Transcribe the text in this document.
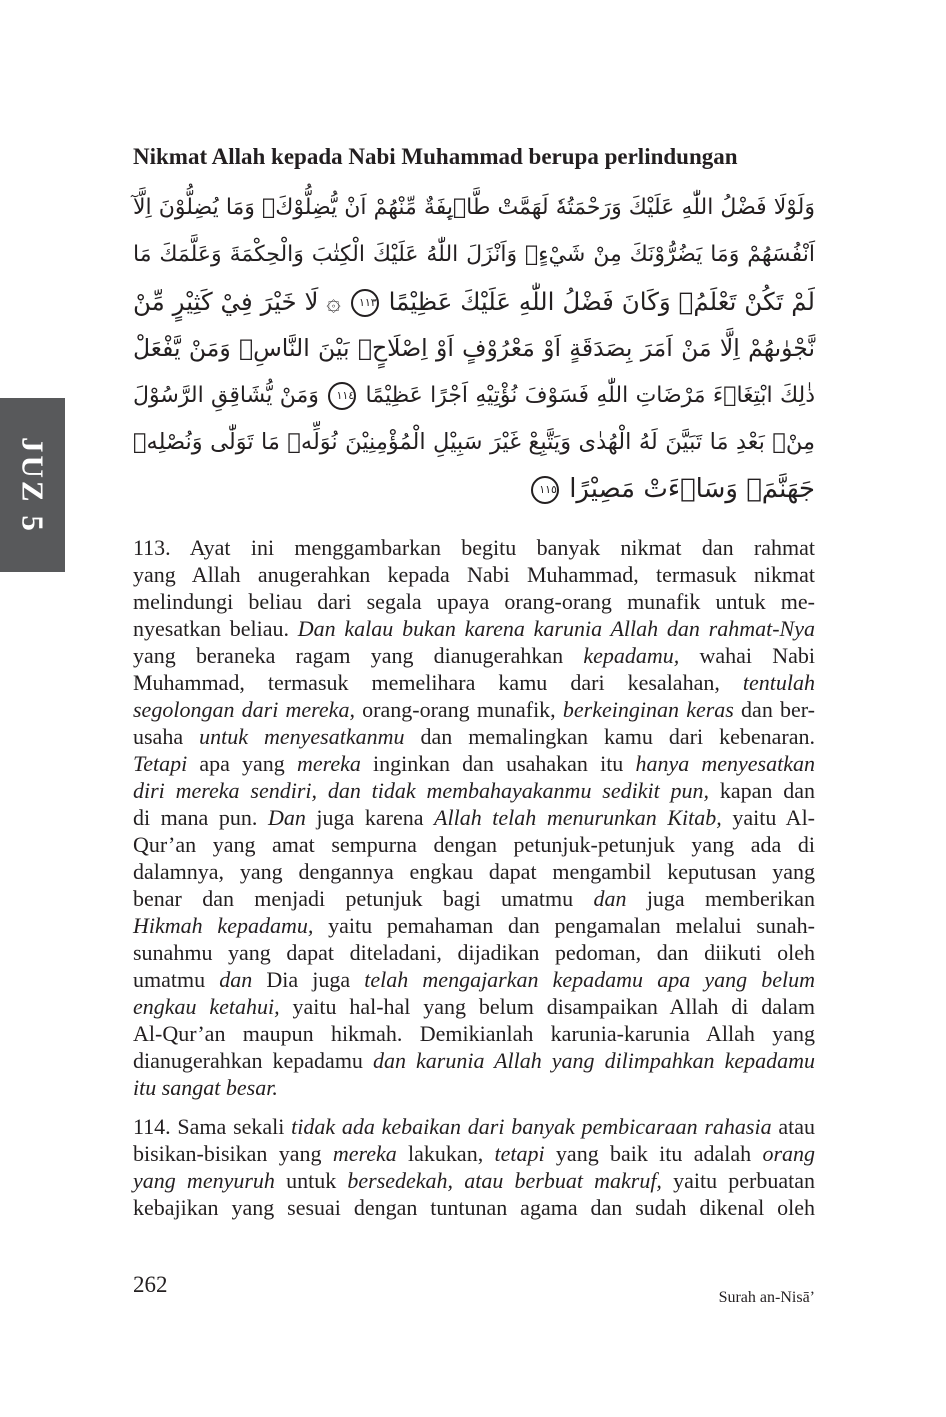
Nikmat Allah kepada Nabi Muhammad berupa perlindungan
وَلَوْلَا فَضْلُ اللّٰهِ عَلَيْكَ وَرَحْمَتُهٗ لَهَمَّتْ طَّاۤىِٕفَةٌ مِّنْهُمْ اَنْ يُّضِلُّوْكَۗ وَمَا يُضِلُّوْنَ اِلَّآ
اَنْفُسَهُمْ وَمَا يَضُرُّوْنَكَ مِنْ شَيْءٍۗ وَاَنْزَلَ اللّٰهُ عَلَيْكَ الْكِتٰبَ وَالْحِكْمَةَ وَعَلَّمَكَ مَا
لَمْ تَكُنْ تَعْلَمُۗ وَكَانَ فَضْلُ اللّٰهِ عَلَيْكَ عَظِيْمًا ١١٣ ۞ لَا خَيْرَ فِيْ كَثِيْرٍ مِّنْ
نَّجْوٰىهُمْ اِلَّا مَنْ اَمَرَ بِصَدَقَةٍ اَوْ مَعْرُوْفٍ اَوْ اِصْلَاحٍۢ بَيْنَ النَّاسِۗ وَمَنْ يَّفْعَلْ
ذٰلِكَ ابْتِغَاۤءَ مَرْضَاتِ اللّٰهِ فَسَوْفَ نُؤْتِيْهِ اَجْرًا عَظِيْمًا ١١٤ وَمَنْ يُّشَاقِقِ الرَّسُوْلَ
مِنْۢ بَعْدِ مَا تَبَيَّنَ لَهُ الْهُدٰى وَيَتَّبِعْ غَيْرَ سَبِيْلِ الْمُؤْمِنِيْنَ نُوَلِّهٖ مَا تَوَلّٰى وَنُصْلِهٖ
جَهَنَّمَۗ وَسَاۤءَتْ مَصِيْرًا ١١٥
113. Ayat ini menggambarkan begitu banyak nikmat dan rahmat
yang Allah anugerahkan kepada Nabi Muhammad, termasuk nikmat
melindungi beliau dari segala upaya orang-orang munafik untuk me-
nyesatkan beliau. Dan kalau bukan karena karunia Allah dan rahmat-Nya
yang beraneka ragam yang dianugerahkan kepadamu, wahai Nabi
Muhammad, termasuk memelihara kamu dari kesalahan, tentulah
segolongan dari mereka, orang-orang munafik, berkeinginan keras dan ber-
usaha untuk menyesatkanmu dan memalingkan kamu dari kebenaran.
Tetapi apa yang mereka inginkan dan usahakan itu hanya menyesatkan
diri mereka sendiri, dan tidak membahayakanmu sedikit pun, kapan dan
di mana pun. Dan juga karena Allah telah menurunkan Kitab, yaitu Al-
Qur’an yang amat sempurna dengan petunjuk-petunjuk yang ada di
dalamnya, yang dengannya engkau dapat mengambil keputusan yang
benar dan menjadi petunjuk bagi umatmu dan juga memberikan
Hikmah kepadamu, yaitu pemahaman dan pengamalan melalui sunah-
sunahmu yang dapat diteladani, dijadikan pedoman, dan diikuti oleh
umatmu dan Dia juga telah mengajarkan kepadamu apa yang belum
engkau ketahui, yaitu hal-hal yang belum disampaikan Allah di dalam
Al-Qur’an maupun hikmah. Demikianlah karunia-karunia Allah yang
dianugerahkan kepadamu dan karunia Allah yang dilimpahkan kepadamu
itu sangat besar.
114. Sama sekali tidak ada kebaikan dari banyak pembicaraan rahasia atau
bisikan-bisikan yang mereka lakukan, tetapi yang baik itu adalah orang
yang menyuruh untuk bersedekah, atau berbuat makruf, yaitu perbuatan
kebajikan yang sesuai dengan tuntunan agama dan sudah dikenal oleh
JUZ 5
262
Surah an-Nisā’
